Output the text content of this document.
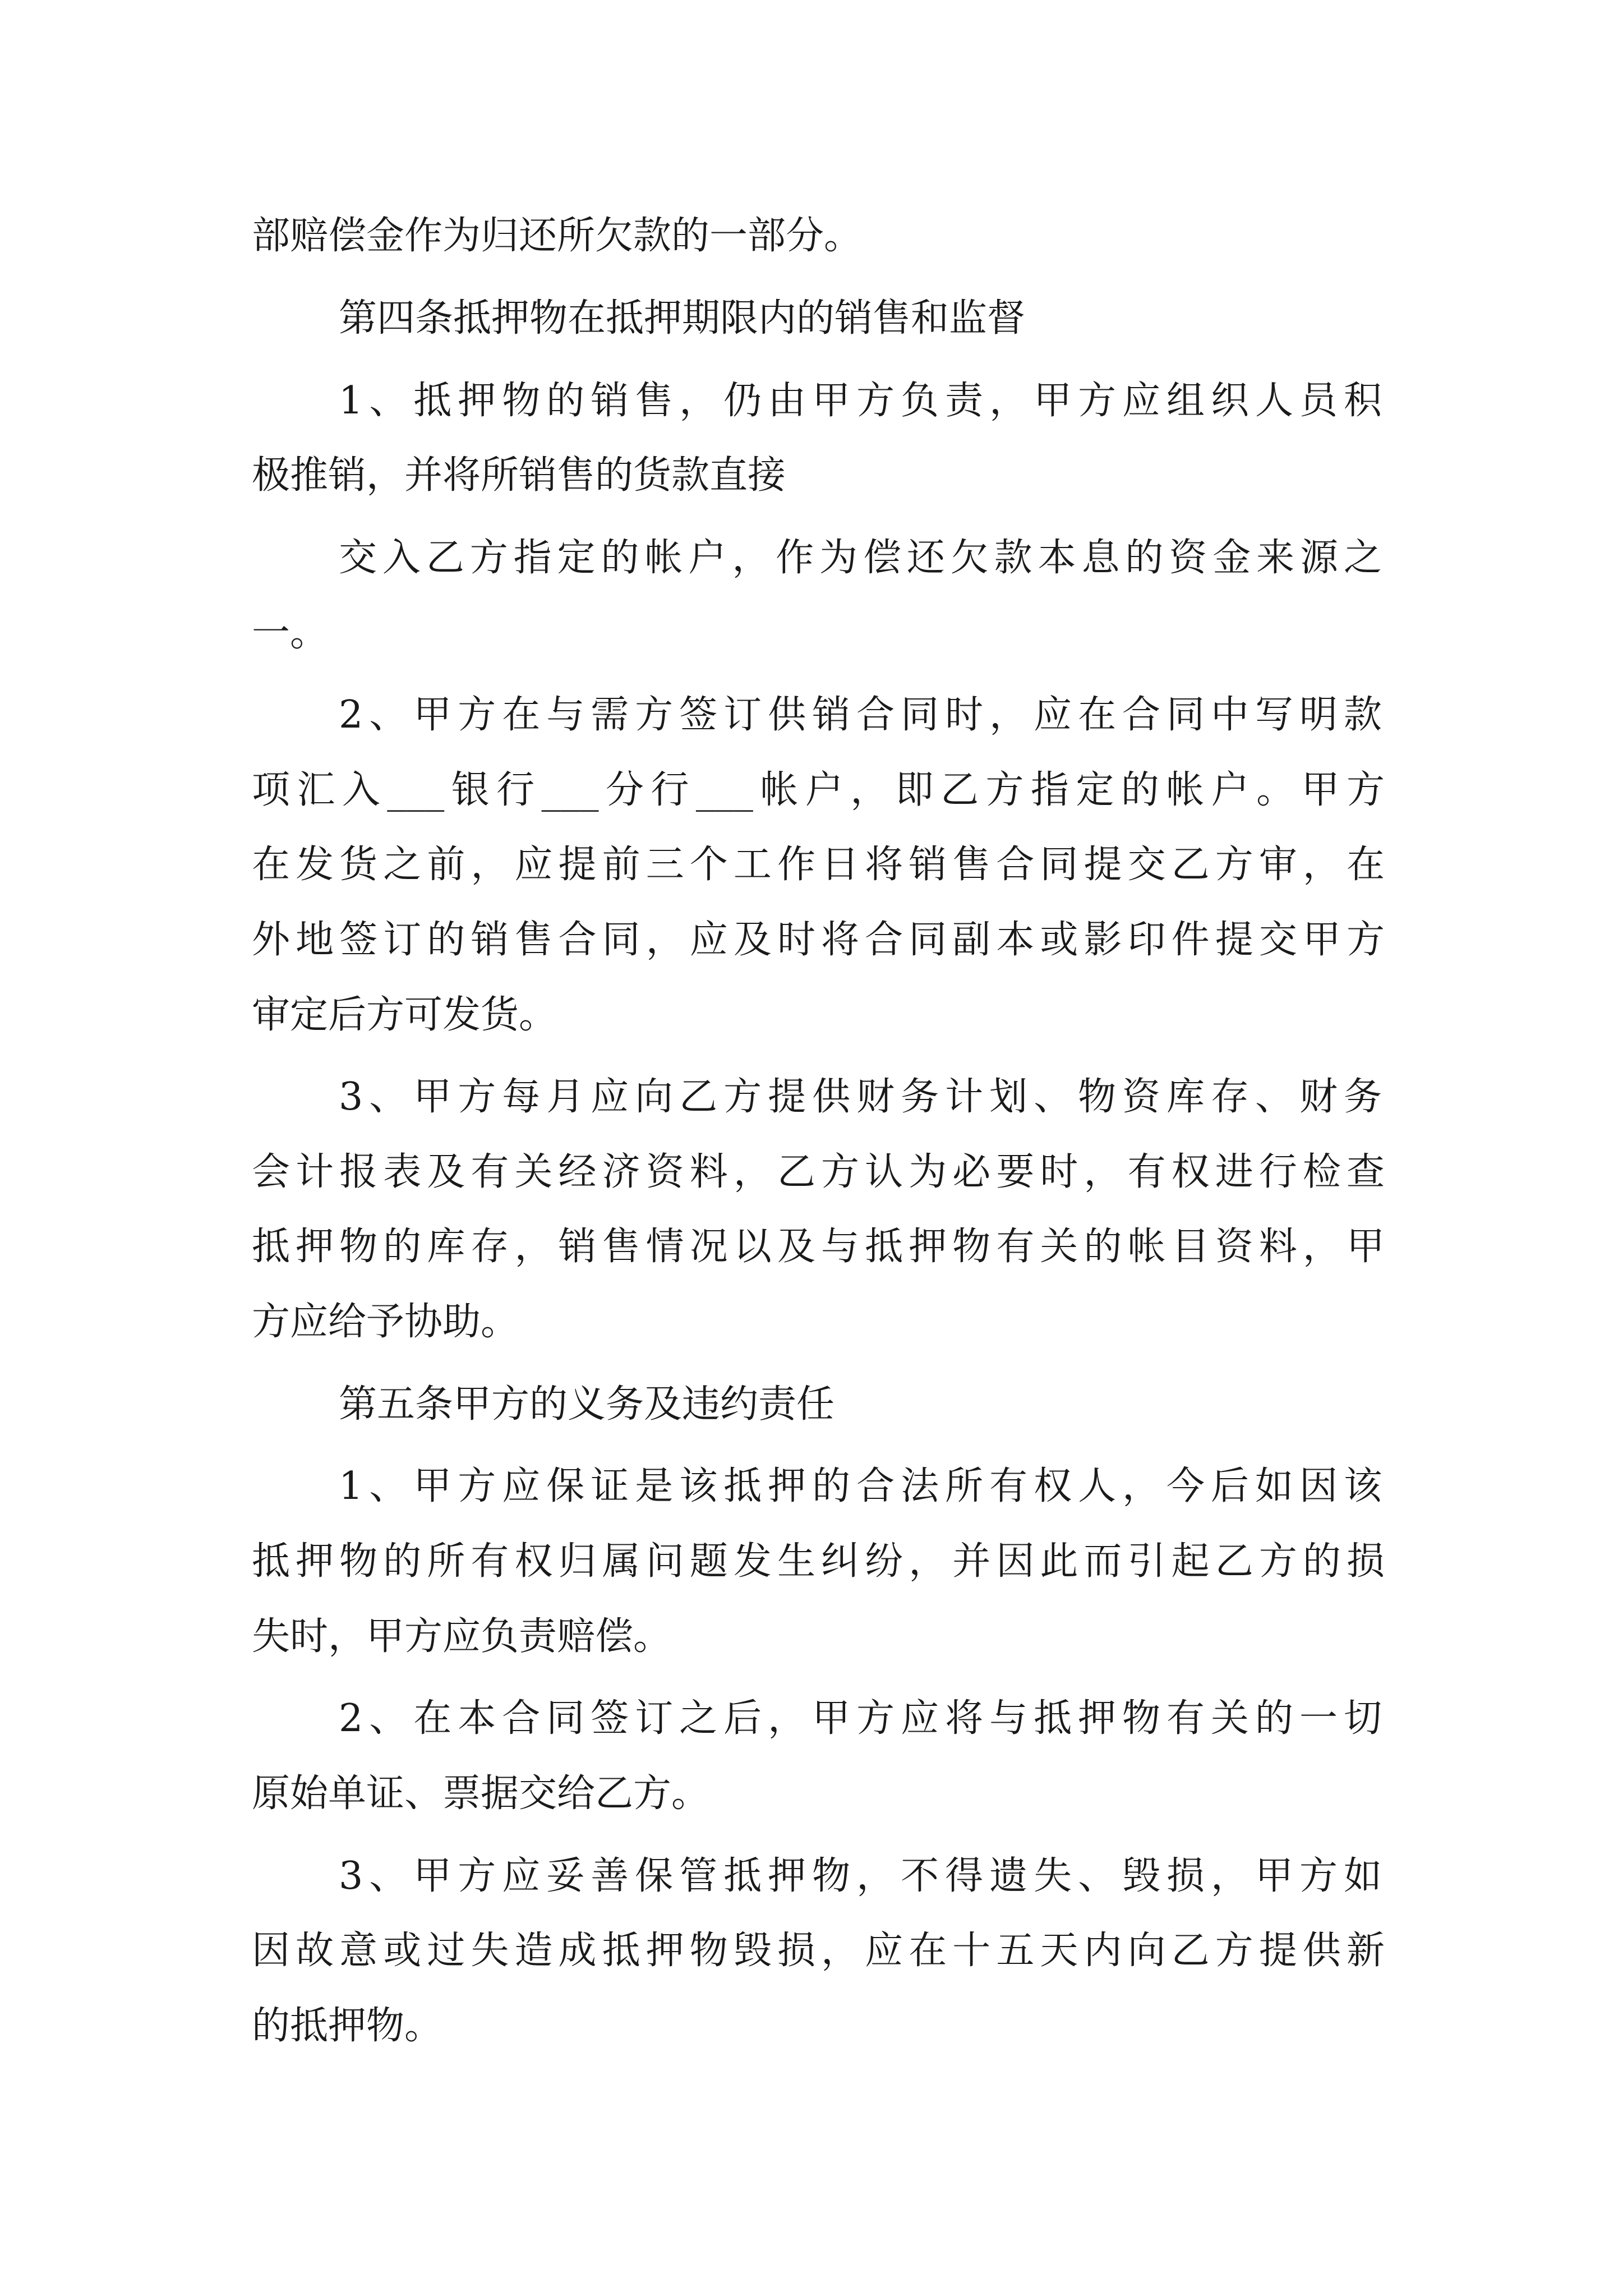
部赔偿金作为归还所欠款的一部分。

第四条抵押物在抵押期限内的销售和监督

1、抵押物的销售，仍由甲方负责，甲方应组织人员积

极推销，并将所销售的货款直接

交入乙方指定的帐户，作为偿还欠款本息的资金来源之

一。

2、甲方在与需方签订供销合同时，应在合同中写明款

项汇入___银行___分行___帐户，即乙方指定的帐户。甲方

在发货之前，应提前三个工作日将销售合同提交乙方审，在

外地签订的销售合同，应及时将合同副本或影印件提交甲方

审定后方可发货。

3、甲方每月应向乙方提供财务计划、物资库存、财务

会计报表及有关经济资料，乙方认为必要时，有权进行检查

抵押物的库存，销售情况以及与抵押物有关的帐目资料，甲

方应给予协助。

第五条甲方的义务及违约责任

1、甲方应保证是该抵押的合法所有权人，今后如因该

抵押物的所有权归属问题发生纠纷，并因此而引起乙方的损

失时，甲方应负责赔偿。

2、在本合同签订之后，甲方应将与抵押物有关的一切

原始单证、票据交给乙方。

3、甲方应妥善保管抵押物，不得遗失、毁损，甲方如

因故意或过失造成抵押物毁损，应在十五天内向乙方提供新

的抵押物。
